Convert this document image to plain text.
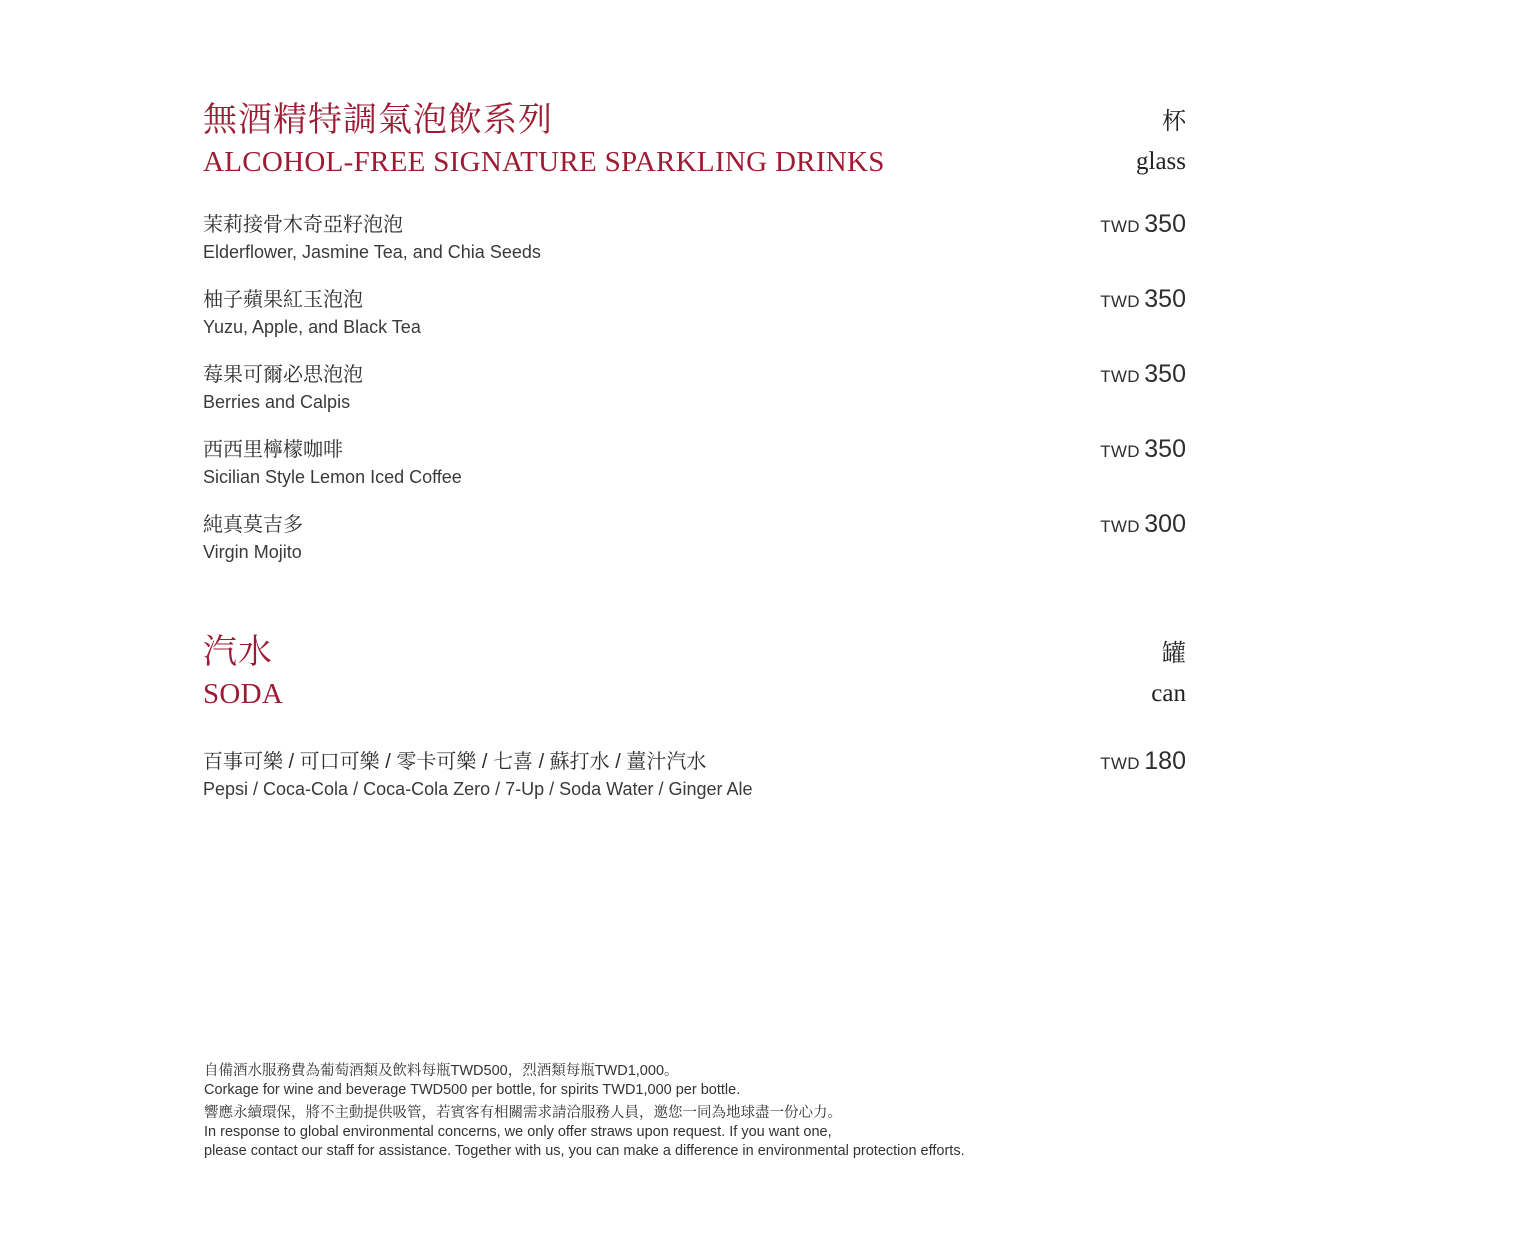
無酒精特調氣泡飲系列
ALCOHOL-FREE SIGNATURE SPARKLING DRINKS
杯
glass
茉莉接骨木奇亞籽泡泡
Elderflower, Jasmine Tea, and Chia Seeds
TWD 350
柚子蘋果紅玉泡泡
Yuzu, Apple, and Black Tea
TWD 350
莓果可爾必思泡泡
Berries and Calpis
TWD 350
西西里檸檬咖啡
Sicilian Style Lemon Iced Coffee
TWD 350
純真莫吉多
Virgin Mojito
TWD 300
汽水
SODA
罐
can
百事可樂 / 可口可樂 / 零卡可樂 / 七喜 / 蘇打水 / 薑汁汽水
Pepsi / Coca-Cola / Coca-Cola Zero / 7-Up / Soda Water / Ginger Ale
TWD 180

自備酒水服務費為葡萄酒類及飲料每瓶TWD500，烈酒類每瓶TWD1,000。

Corkage for wine and beverage TWD500 per bottle, for spirits TWD1,000 per bottle.

響應永續環保，將不主動提供吸管，若賓客有相關需求請洽服務人員，邀您一同為地球盡一份心力。

In response to global environmental concerns, we only offer straws upon request. If you want one,

please contact our staff for assistance. Together with us, you can make a difference in environmental protection efforts.
